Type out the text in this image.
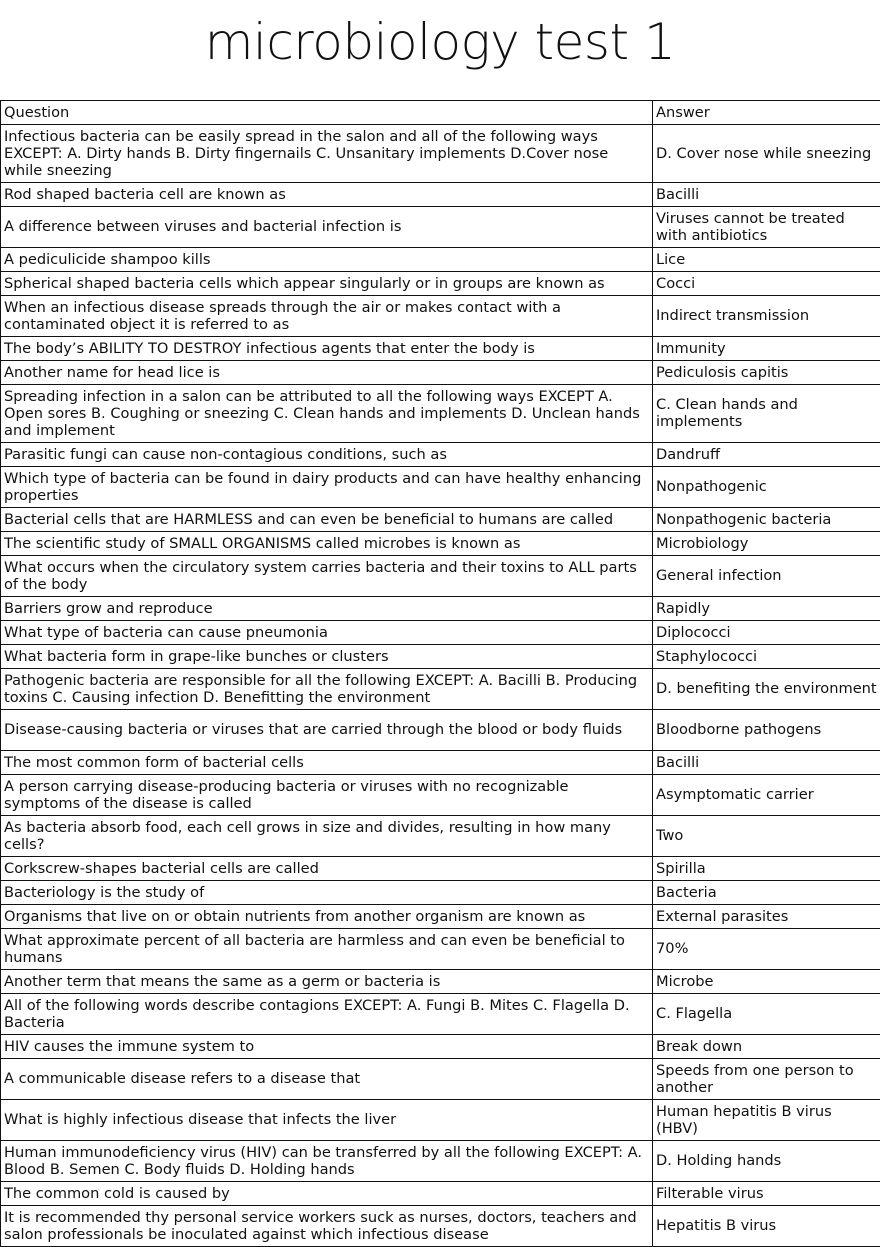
microbiology test 1
Question	Answer
Infectious bacteria can be easily spread in the salon and all of the following ways EXCEPT: A. Dirty hands B. Dirty fingernails C. Unsanitary implements D.Cover nose while sneezing	D. Cover nose while sneezing
Rod shaped bacteria cell are known as	Bacilli
A difference between viruses and bacterial infection is	Viruses cannot be treated with antibiotics
A pediculicide shampoo kills	Lice
Spherical shaped bacteria cells which appear singularly or in groups are known as	Cocci
When an infectious disease spreads through the air or makes contact with a contaminated object it is referred to as	Indirect transmission
The body’s ABILITY TO DESTROY infectious agents that enter the body is	Immunity
Another name for head lice is	Pediculosis capitis
Spreading infection in a salon can be attributed to all the following ways EXCEPT A. Open sores B. Coughing or sneezing C. Clean hands and implements D. Unclean hands and implement	C. Clean hands and implements
Parasitic fungi can cause non-contagious conditions, such as	Dandruff
Which type of bacteria can be found in dairy products and can have healthy enhancing properties	Nonpathogenic
Bacterial cells that are HARMLESS and can even be beneficial to humans are called	Nonpathogenic bacteria
The scientific study of SMALL ORGANISMS called microbes is known as	Microbiology
What occurs when the circulatory system carries bacteria and their toxins to ALL parts of the body	General infection
Barriers grow and reproduce	Rapidly
What type of bacteria can cause pneumonia	Diplococci
What bacteria form in grape-like bunches or clusters	Staphylococci
Pathogenic bacteria are responsible for all the following EXCEPT: A. Bacilli B. Producing toxins C. Causing infection D. Benefitting the environment	D. benefiting the environment
Disease-causing bacteria or viruses that are carried through the blood or body fluids	Bloodborne pathogens
The most common form of bacterial cells	Bacilli
A person carrying disease-producing bacteria or viruses with no recognizable symptoms of the disease is called	Asymptomatic carrier
As bacteria absorb food, each cell grows in size and divides, resulting in how many cells?	Two
Corkscrew-shapes bacterial cells are called	Spirilla
Bacteriology is the study of	Bacteria
Organisms that live on or obtain nutrients from another organism are known as	External parasites
What approximate percent of all bacteria are harmless and can even be beneficial to humans	70%
Another term that means the same as a germ or bacteria is	Microbe
All of the following words describe contagions EXCEPT: A. Fungi B. Mites C. Flagella D. Bacteria	C. Flagella
HIV causes the immune system to	Break down
A communicable disease refers to a disease that	Speeds from one person to another
What is highly infectious disease that infects the liver	Human hepatitis B virus (HBV)
Human immunodeficiency virus (HIV) can be transferred by all the following EXCEPT: A. Blood B. Semen C. Body fluids D. Holding hands	D. Holding hands
The common cold is caused by	Filterable virus
It is recommended thy personal service workers suck as nurses, doctors, teachers and salon professionals be inoculated against which infectious disease	Hepatitis B virus
